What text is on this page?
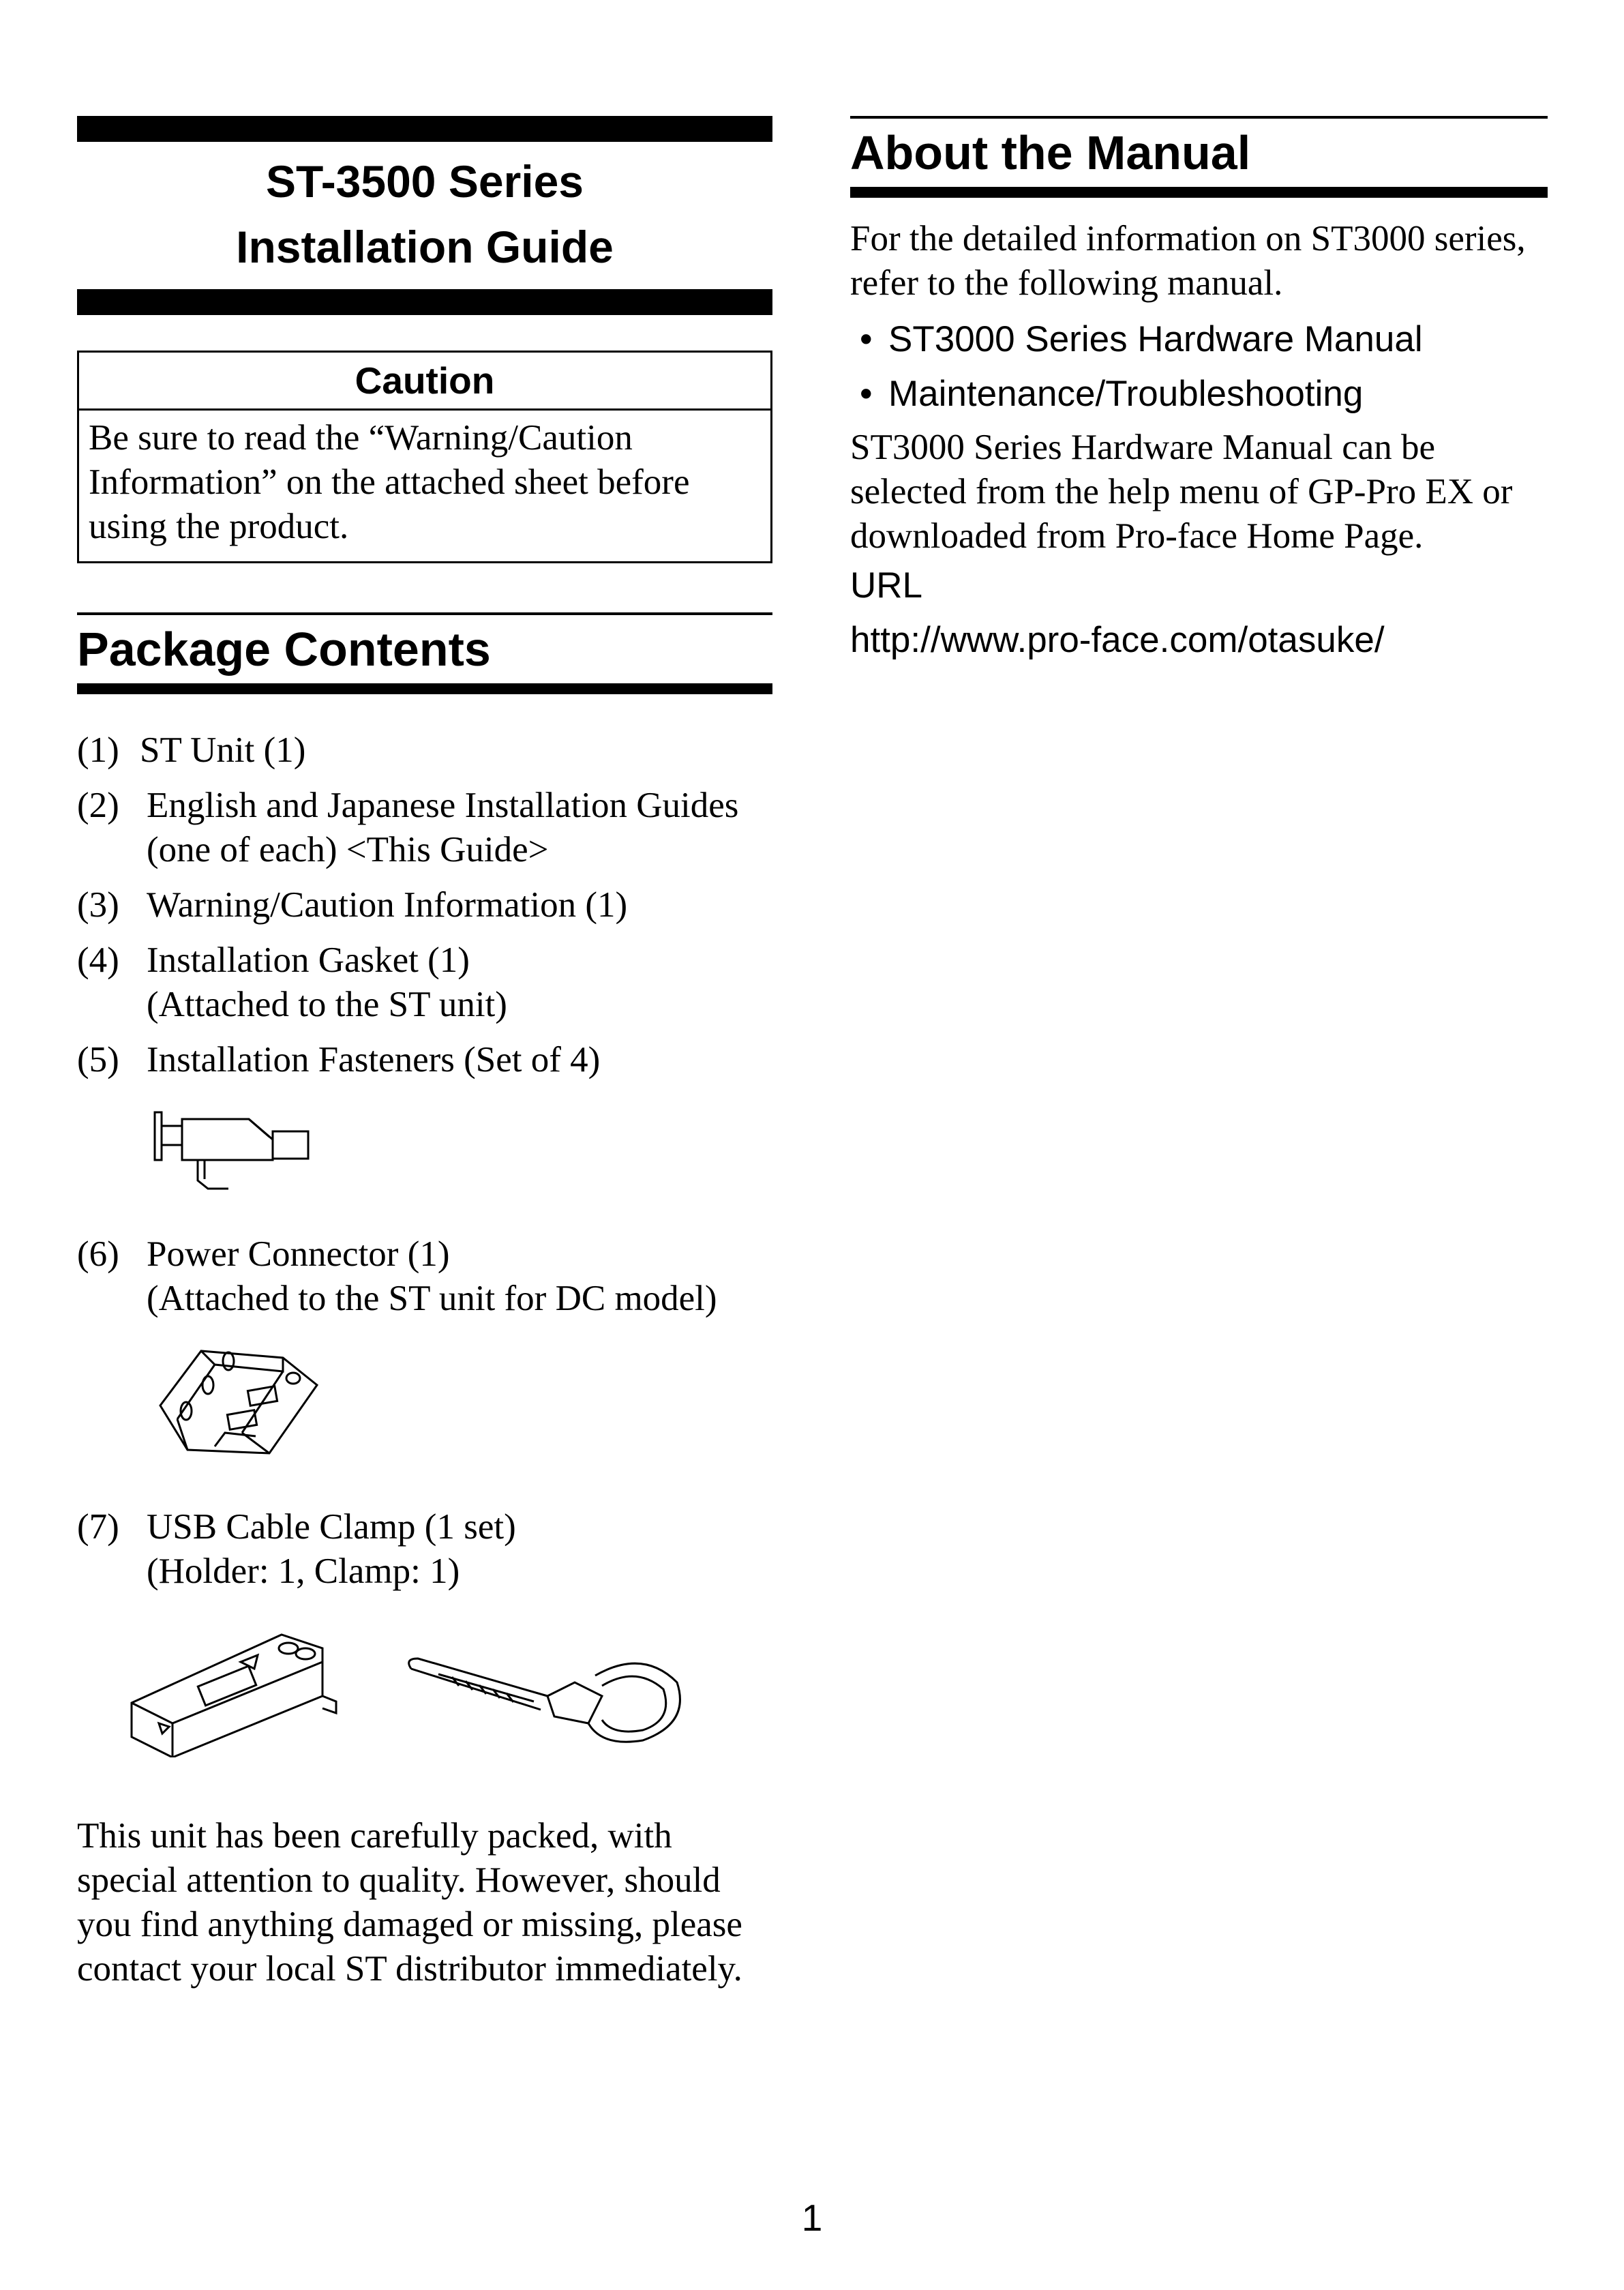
ST-3500 Series
Installation Guide
Caution
Be sure to read the “Warning/Caution Information” on the attached sheet before using the product.
Package Contents
(1) ST Unit (1)
(2) English and Japanese Installation Guides
(one of each) <This Guide>
(3) Warning/Caution Information (1)
(4) Installation Gasket (1)
(Attached to the ST unit)
(5) Installation Fasteners (Set of 4)
(6) Power Connector (1)
(Attached to the ST unit for DC model)
(7) USB Cable Clamp (1 set)
(Holder: 1, Clamp: 1)
This unit has been carefully packed, with special attention to quality. However, should you find anything damaged or missing, please contact your local ST distributor immediately.
About the Manual
For the detailed information on ST3000 series, refer to the following manual.
• ST3000 Series Hardware Manual
• Maintenance/Troubleshooting
ST3000 Series Hardware Manual can be selected from the help menu of GP-Pro EX or downloaded from Pro-face Home Page.
URL
http://www.pro-face.com/otasuke/
1
